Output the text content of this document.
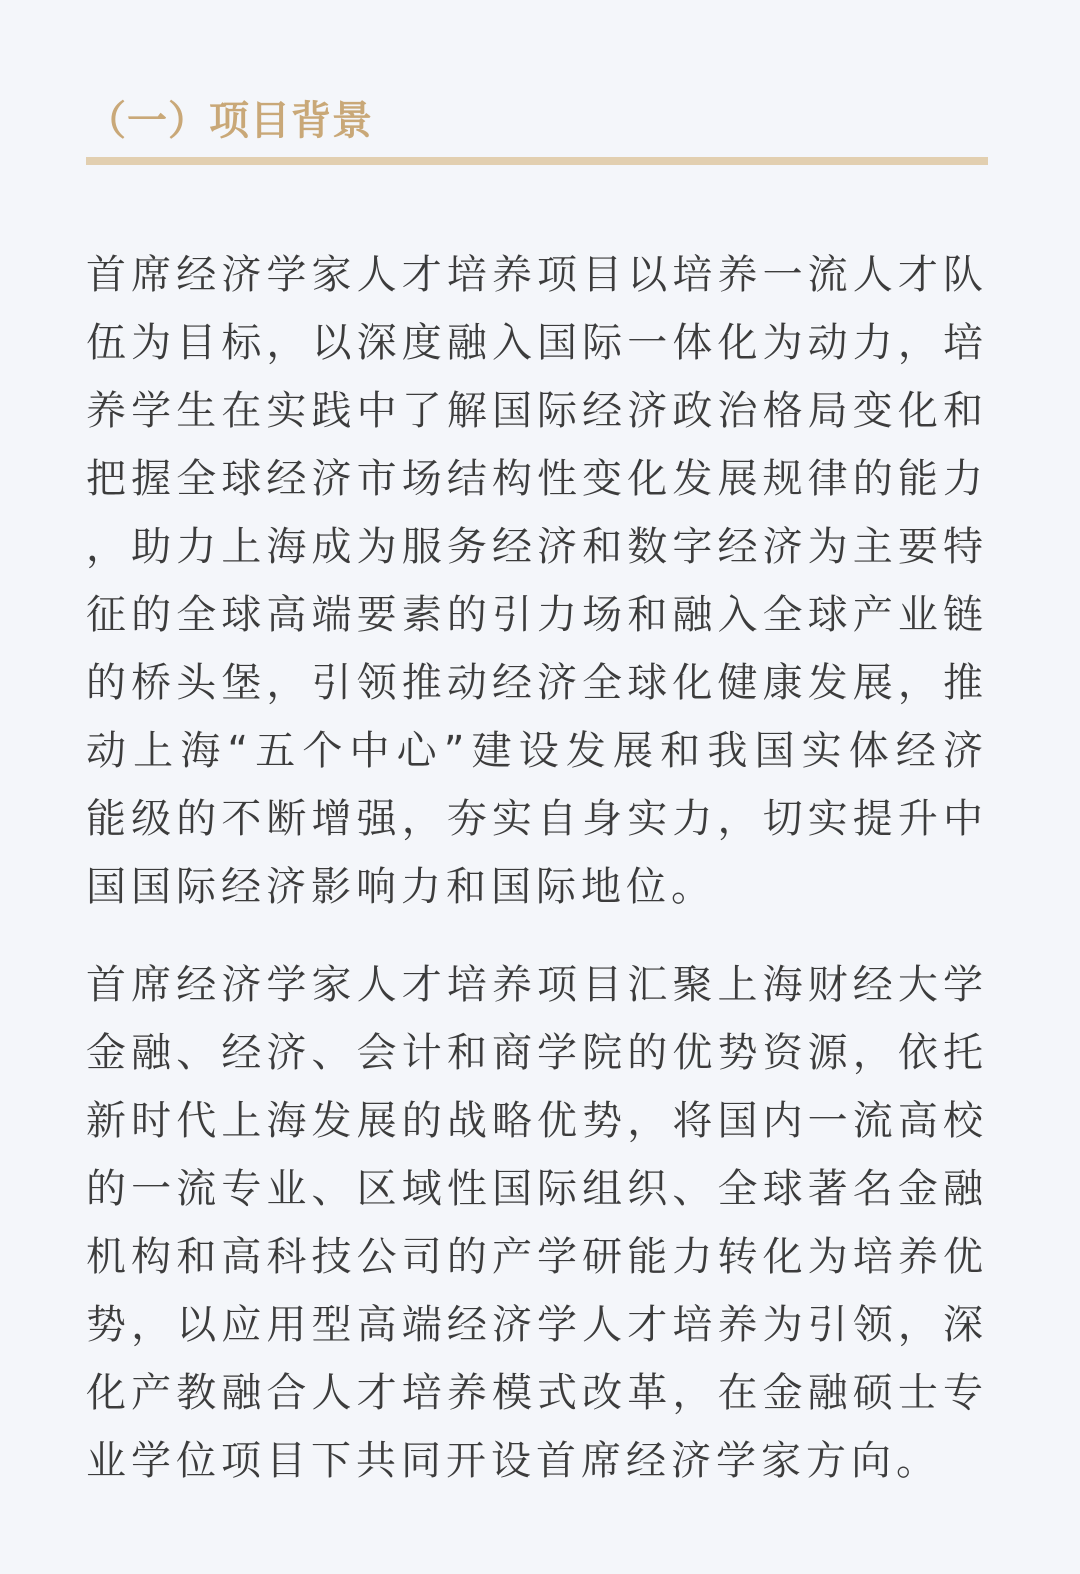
（一）项目背景

首席经济学家人才培养项目以培养一流人才队伍为目标，以深度融入国际一体化为动力，培养学生在实践中了解国际经济政治格局变化和把握全球经济市场结构性变化发展规律的能力，助力上海成为服务经济和数字经济为主要特征的全球高端要素的引力场和融入全球产业链的桥头堡，引领推动经济全球化健康发展，推动上海“五个中心”建设发展和我国实体经济能级的不断增强，夯实自身实力，切实提升中国国际经济影响力和国际地位。

首席经济学家人才培养项目汇聚上海财经大学金融、经济、会计和商学院的优势资源，依托新时代上海发展的战略优势，将国内一流高校的一流专业、区域性国际组织、全球著名金融机构和高科技公司的产学研能力转化为培养优势，以应用型高端经济学人才培养为引领，深化产教融合人才培养模式改革，在金融硕士专业学位项目下共同开设首席经济学家方向。
